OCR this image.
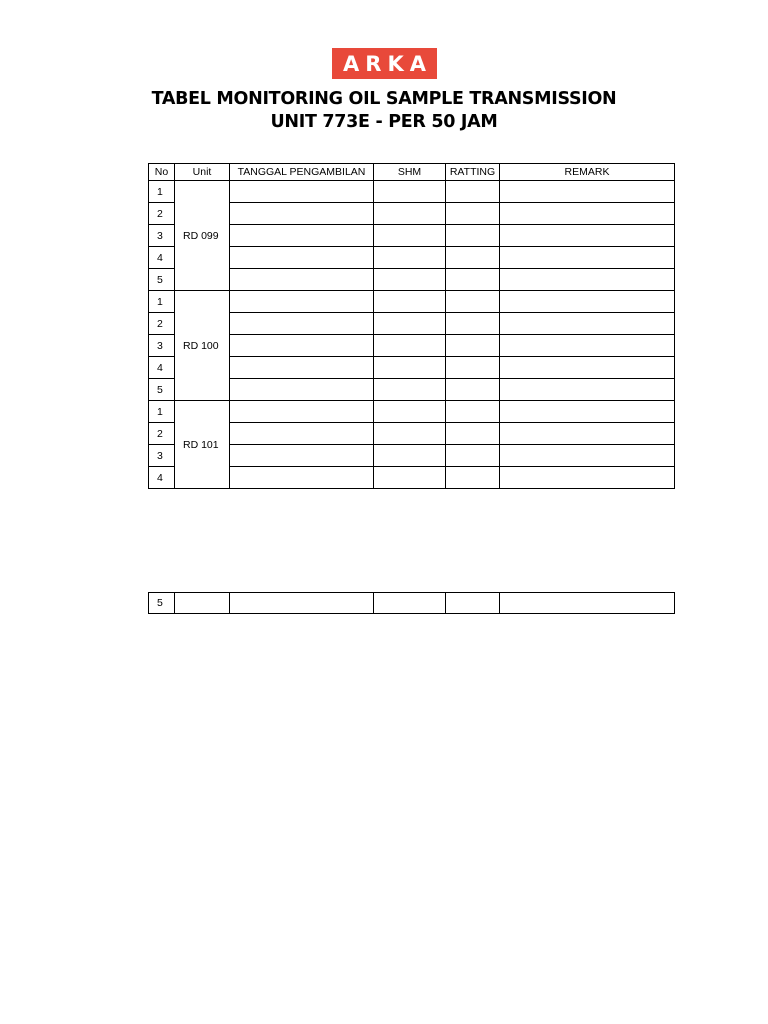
ARKA
TABEL MONITORING OIL SAMPLE TRANSMISSION
UNIT 773E - PER 50 JAM
No	Unit	TANGGAL PENGAMBILAN	SHM	RATTING	REMARK
1	RD 099				
2					
3					
4					
5					
1	RD 100				
2					
3					
4					
5					
1	RD 101				
2					
3					
4					
5					
